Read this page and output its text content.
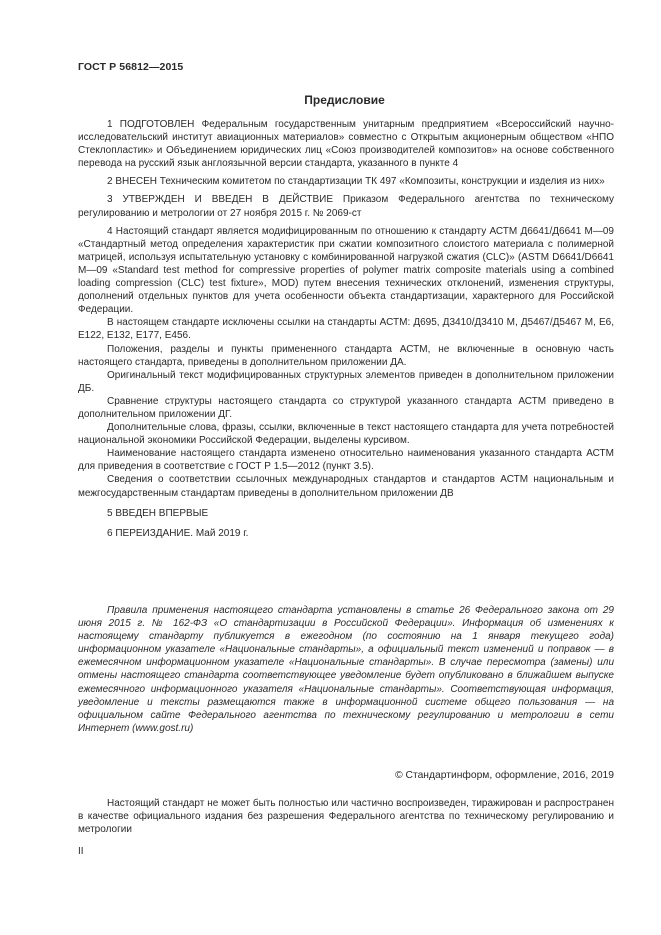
ГОСТ Р 56812—2015
Предисловие

1 ПОДГОТОВЛЕН Федеральным государственным унитарным предприятием «Всероссийский научно-исследовательский институт авиационных материалов» совместно с Открытым акционерным обществом «НПО Стеклопластик» и Объединением юридических лиц «Союз производителей композитов» на основе собственного перевода на русский язык англоязычной версии стандарта, указанного в пункте 4

2 ВНЕСЕН Техническим комитетом по стандартизации ТК 497 «Композиты, конструкции и изделия из них»

3 УТВЕРЖДЕН И ВВЕДЕН В ДЕЙСТВИЕ Приказом Федерального агентства по техническому регулированию и метрологии от 27 ноября 2015 г. № 2069-ст

4 Настоящий стандарт является модифицированным по отношению к стандарту АСТМ Д6641/Д6641 М—09 «Стандартный метод определения характеристик при сжатии композитного слоистого материала с полимерной матрицей, используя испытательную установку с комбинированной нагрузкой сжатия (CLC)» (ASTM D6641/D6641 M—09 «Standard test method for compressive properties of polymer matrix composite materials using a combined loading compression (CLC) test fixture», MOD) путем внесения технических отклонений, изменения структуры, дополнений отдельных пунктов для учета особенности объекта стандартизации, характерного для Российской Федерации.

В настоящем стандарте исключены ссылки на стандарты АСТМ: Д695, Д3410/Д3410 М, Д5467/Д5467 М, Е6, Е122, Е132, Е177, Е456.

Положения, разделы и пункты примененного стандарта АСТМ, не включенные в основную часть настоящего стандарта, приведены в дополнительном приложении ДА.

Оригинальный текст модифицированных структурных элементов приведен в дополнительном приложении ДБ.

Сравнение структуры настоящего стандарта со структурой указанного стандарта АСТМ приведено в дополнительном приложении ДГ.

Дополнительные слова, фразы, ссылки, включенные в текст настоящего стандарта для учета потребностей национальной экономики Российской Федерации, выделены курсивом.

Наименование настоящего стандарта изменено относительно наименования указанного стандарта АСТМ для приведения в соответствие с ГОСТ Р 1.5—2012 (пункт 3.5).

Сведения о соответствии ссылочных международных стандартов и стандартов АСТМ национальным и межгосударственным стандартам приведены в дополнительном приложении ДВ

5 ВВЕДЕН ВПЕРВЫЕ

6 ПЕРЕИЗДАНИЕ. Май 2019 г.

Правила применения настоящего стандарта установлены в статье 26 Федерального закона от 29 июня 2015 г. № 162-ФЗ «О стандартизации в Российской Федерации». Информация об изменениях к настоящему стандарту публикуется в ежегодном (по состоянию на 1 января текущего года) информационном указателе «Национальные стандарты», а официальный текст изменений и поправок — в ежемесячном информационном указателе «Национальные стандарты». В случае пересмотра (замены) или отмены настоящего стандарта соответствующее уведомление будет опубликовано в ближайшем выпуске ежемесячного информационного указателя «Национальные стандарты». Соответствующая информация, уведомление и тексты размещаются также в информационной системе общего пользования — на официальном сайте Федерального агентства по техническому регулированию и метрологии в сети Интернет (www.gost.ru)

© Стандартинформ, оформление, 2016, 2019

Настоящий стандарт не может быть полностью или частично воспроизведен, тиражирован и распространен в качестве официального издания без разрешения Федерального агентства по техническому регулированию и метрологии

II
